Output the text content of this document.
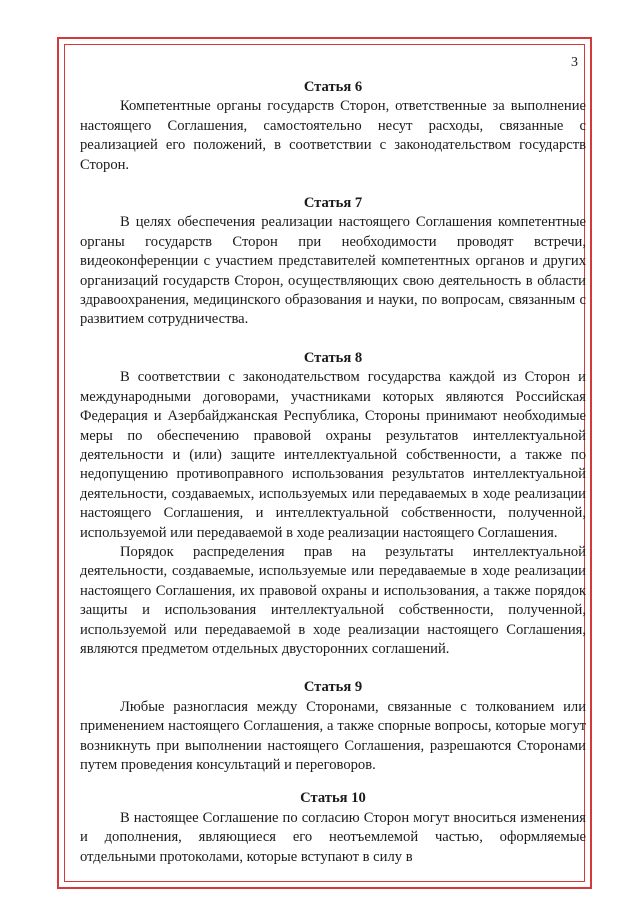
3
Статья 6

Компетентные органы государств Сторон, ответственные за выполнение настоящего Соглашения, самостоятельно несут расходы, связанные с реализацией его положений, в соответствии с законодательством государств Сторон.

Статья 7

В целях обеспечения реализации настоящего Соглашения компетентные органы государств Сторон при необходимости проводят встречи, видеоконференции с участием представителей компетентных органов и других организаций государств Сторон, осуществляющих свою деятельность в области здравоохранения, медицинского образования и науки, по вопросам, связанным с развитием сотрудничества.

Статья 8

В соответствии с законодательством государства каждой из Сторон и международными договорами, участниками которых являются Российская Федерация и Азербайджанская Республика, Стороны принимают необходимые меры по обеспечению правовой охраны результатов интеллектуальной деятельности и (или) защите интеллектуальной собственности, а также по недопущению противоправного использования результатов интеллектуальной деятельности, создаваемых, используемых или передаваемых в ходе реализации настоящего Соглашения, и интеллектуальной собственности, полученной, используемой или передаваемой в ходе реализации настоящего Соглашения.

Порядок распределения прав на результаты интеллектуальной деятельности, создаваемые, используемые или передаваемые в ходе реализации настоящего Соглашения, их правовой охраны и использования, а также порядок защиты и использования интеллектуальной собственности, полученной, используемой или передаваемой в ходе реализации настоящего Соглашения, являются предметом отдельных двусторонних соглашений.

Статья 9

Любые разногласия между Сторонами, связанные с толкованием или применением настоящего Соглашения, а также спорные вопросы, которые могут возникнуть при выполнении настоящего Соглашения, разрешаются Сторонами путем проведения консультаций и переговоров.

Статья 10

В настоящее Соглашение по согласию Сторон могут вноситься изменения и дополнения, являющиеся его неотъемлемой частью, оформляемые отдельными протоколами, которые вступают в силу в
